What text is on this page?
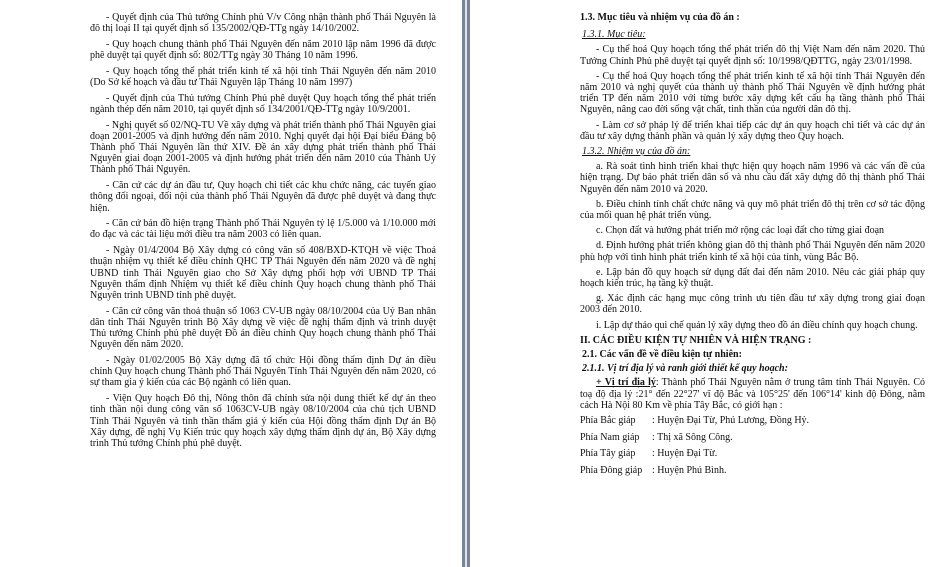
- Quyết định của Thủ tướng Chính phủ V/v Công nhận thành phố Thái Nguyên là đô thị loại II tại quyết định số 135/2002/QĐ-TTg ngày 14/10/2002.

- Quy hoạch chung thành phố Thái Nguyên đến năm 2010 lập năm 1996 đã được phê duyệt tại quyết định số: 802/TTg ngày 30 Tháng 10 năm 1996.

- Quy hoạch tổng thể phát triển kinh tế xã hội tỉnh Thái Nguyên đến năm 2010 (Do Sở kế hoạch và đầu tư Thái Nguyên lập Tháng 10 năm 1997)

- Quyết định của Thủ tướng Chính Phủ phê duyệt Quy hoạch tổng thể phát triển ngành thép đến năm 2010, tại quyết định số 134/2001/QĐ-TTg ngày 10/9/2001.

- Nghị quyết số 02/NQ-TU Về xây dựng và phát triển thành phố Thái Nguyên giai đoạn 2001-2005 và định hướng đến năm 2010. Nghị quyết đại hội Đại biểu Đảng bộ Thành phố Thái Nguyên lần thứ XIV. Đề án xây dựng phát triển thành phố Thái Nguyên giai đoạn 2001-2005 và định hướng phát triển đến năm 2010 của Thành Uỷ Thành phố Thái Nguyên.

- Căn cứ các dự án đầu tư, Quy hoạch chi tiết các khu chức năng, các tuyến giao thông đối ngoại, đối nội của thành phố Thái Nguyên đã được phê duyệt và đang thực hiện.

- Căn cứ bản đồ hiện trạng Thành phố Thái Nguyên tỷ lệ 1/5.000 và 1/10.000 mới đo đạc và các tài liệu mới điều tra năm 2003 có liên quan.

- Ngày 01/4/2004 Bộ Xây dựng có công văn số 408/BXD-KTQH về việc Thoả thuận nhiệm vụ thiết kế điều chỉnh QHC TP Thái Nguyên đến năm 2020 và đề nghị UBND tỉnh Thái Nguyên giao cho Sở Xây dựng phối hợp với UBND TP Thái Nguyên thẩm định Nhiệm vụ thiết kế điều chỉnh Quy hoạch chung thành phố Thái Nguyên trình UBND tỉnh phê duyệt.

- Căn cứ công văn thoả thuận số 1063 CV-UB ngày 08/10/2004 của Uỷ Ban nhân dân tỉnh Thái Nguyên trình Bộ Xây dựng về việc đề nghị thẩm định và trình duyệt Thủ tướng Chính phủ phê duyệt Đồ án điều chỉnh Quy hoạch chung thành phố Thái Nguyên đến năm 2020.

- Ngày 01/02/2005 Bộ Xây dựng đã tổ chức Hội đồng thẩm định Dự án điều chỉnh Quy hoạch chung Thành phố Thái Nguyên Tỉnh Thái Nguyên đến năm 2020, có sự tham gia ý kiến của các Bộ ngành có liên quan.

- Viện Quy hoạch Đô thị, Nông thôn đã chỉnh sửa nội dung thiết kế dự án theo tinh thần nội dung công văn số 1063CV-UB ngày 08/10/2004 của chủ tịch UBND Tỉnh Thái Nguyên và tinh thần thẩm giá ý kiến của Hội đồng thẩm định Dự án Bộ Xây dựng, đề nghị Vụ Kiến trúc quy hoạch xây dựng thẩm định dự án, Bộ Xây dựng trình Thủ tướng Chính phủ phê duyệt.

1.3. Mục tiêu và nhiệm vụ của đồ án :

1.3.1. Mục tiêu:

- Cụ thể hoá Quy hoạch tổng thể phát triển đô thị Việt Nam đến năm 2020. Thủ Tướng Chính Phủ phê duyệt tại quyết định số: 10/1998/QĐTTG, ngày 23/01/1998.

- Cụ thể hoá Quy hoạch tổng thể phát triển kinh tế xã hội tỉnh Thái Nguyên đến năm 2010 và nghị quyết của thành uỷ thành phố Thái Nguyên về định hướng phát triển TP đến năm 2010 với từng bước xây dựng kết cấu hạ tầng thành phố Thái Nguyên, nâng cao đời sống vật chất, tinh thần của người dân đô thị.

- Làm cơ sở pháp lý để triển khai tiếp các dự án quy hoạch chi tiết và các dự án đầu tư xây dựng thành phần và quản lý xây dựng theo Quy hoạch.

1.3.2. Nhiệm vụ của đồ án:

a. Rà soát tình hình triển khai thực hiện quy hoạch năm 1996 và các vấn đề của hiện trạng. Dự báo phát triển dân số và nhu cầu đất xây dựng đô thị thành phố Thái Nguyên đến năm 2010 và 2020.

b. Điều chỉnh tính chất chức năng và quy mô phát triển đô thị trên cơ sở tác động của mối quan hệ phát triển vùng.

c. Chọn đất và hướng phát triển mở rộng các loại đất cho từng giai đoạn

d. Định hướng phát triển không gian đô thị thành phố Thái Nguyên đến năm 2020 phù hợp với tình hình phát triển kinh tế xã hội của tỉnh, vùng Bắc Bộ.

e. Lập bản đồ quy hoạch sử dụng đất đai đến năm 2010. Nêu các giải pháp quy hoạch kiến trúc, hạ tầng kỹ thuật.

g. Xác định các hạng mục công trình ưu tiên đầu tư xây dựng trong giai đoạn 2003 đến 2010.

i. Lập dự thảo qui chế quản lý xây dựng theo đồ án điều chỉnh quy hoạch chung.

II. CÁC ĐIỀU KIỆN TỰ NHIÊN VÀ HIỆN TRẠNG :

2.1. Các vấn đề về điều kiện tự nhiên:

2.1.1. Vị trí địa lý và ranh giới thiết kế quy hoạch:

+ Vị trí địa lý: Thành phố Thái Nguyên nằm ở trung tâm tỉnh Thái Nguyên. Có toạ độ địa lý :21° đến 22°27' vĩ độ Bắc và 105°25' đến 106°14' kinh độ Đông, nằm cách Hà Nội 80 Km về phía Tây Bắc, có giới hạn :

Phía Bắc giáp	: Huyện Đại Từ, Phú Lương, Đồng Hỷ.
Phía Nam giáp	: Thị xã Sông Công.
Phía Tây giáp	: Huyện Đại Từ.
Phía Đông giáp : Huyện Phú Bình.
